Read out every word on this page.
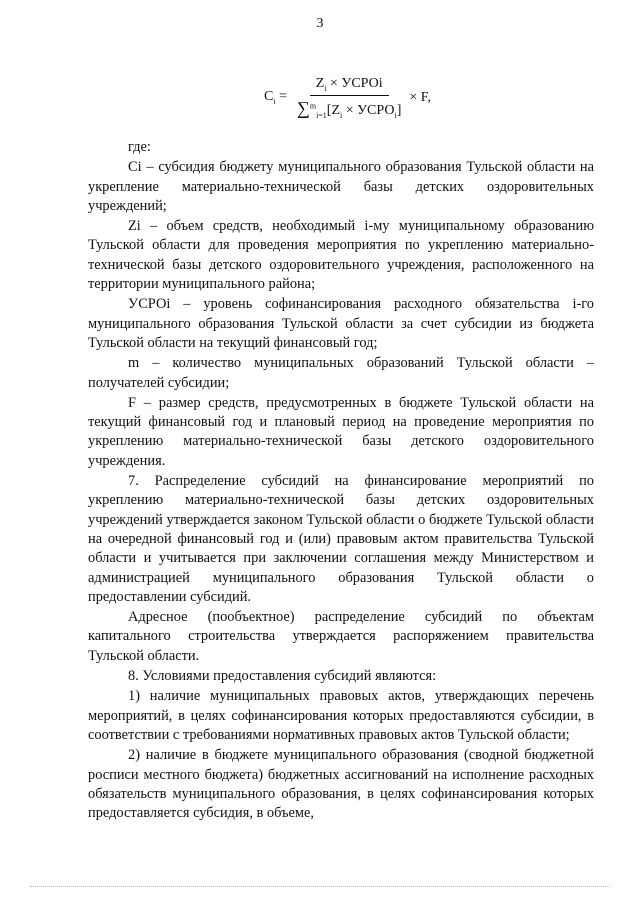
3
$C_i = \frac{Z_i \times УСРОi}{\sum^m_{i=1}[Z_i \times УСРО_i]} \times F$,

где:

Ci – субсидия бюджету муниципального образования Тульской области на укрепление материально-технической базы детских оздоровительных учреждений;

Zi – объем средств, необходимый i-му муниципальному образованию Тульской области для проведения мероприятия по укреплению материально-технической базы детского оздоровительного учреждения, расположенного на территории муниципального района;

УСРОi – уровень софинансирования расходного обязательства i-го муниципального образования Тульской области за счет субсидии из бюджета Тульской области на текущий финансовый год;

m – количество муниципальных образований Тульской области – получателей субсидии;

F – размер средств, предусмотренных в бюджете Тульской области на текущий финансовый год и плановый период на проведение мероприятия по укреплению материально-технической базы детского оздоровительного учреждения.

7. Распределение субсидий на финансирование мероприятий по укреплению материально-технической базы детских оздоровительных учреждений утверждается законом Тульской области о бюджете Тульской области на очередной финансовый год и (или) правовым актом правительства Тульской области и учитывается при заключении соглашения между Министерством и администрацией муниципального образования Тульской области о предоставлении субсидий.

Адресное (пообъектное) распределение субсидий по объектам капитального строительства утверждается распоряжением правительства Тульской области.

8. Условиями предоставления субсидий являются:

1) наличие муниципальных правовых актов, утверждающих перечень мероприятий, в целях софинансирования которых предоставляются субсидии, в соответствии с требованиями нормативных правовых актов Тульской области;

2) наличие в бюджете муниципального образования (сводной бюджетной росписи местного бюджета) бюджетных ассигнований на исполнение расходных обязательств муниципального образования, в целях софинансирования которых предоставляется субсидия, в объеме,
